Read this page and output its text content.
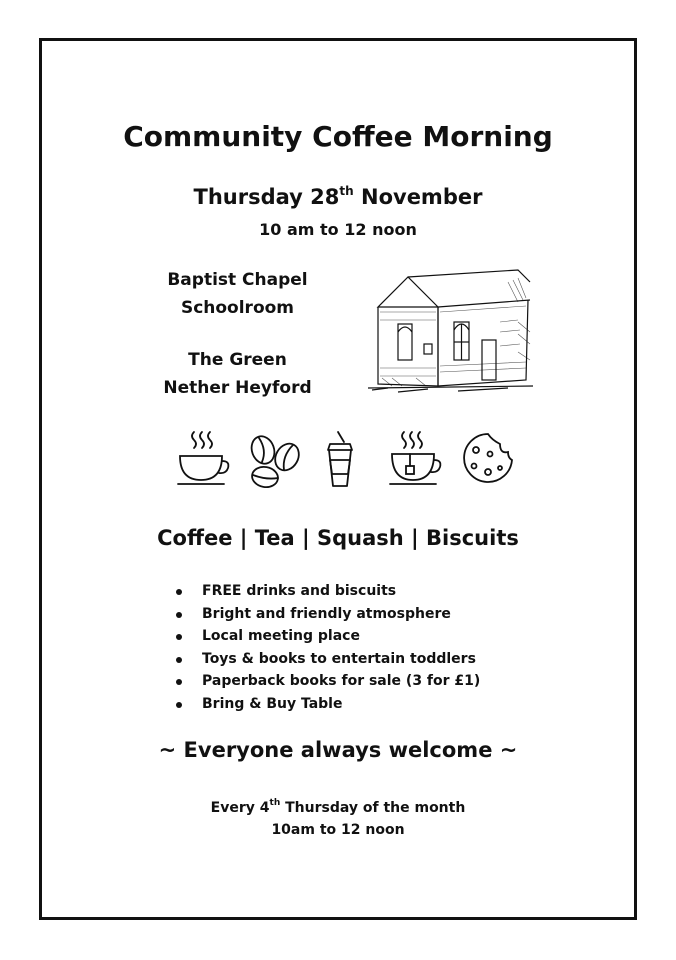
Community Coffee Morning
Thursday 28th November
10 am to 12 noon
Baptist Chapel
Schoolroom
The Green
Nether Heyford
Coffee | Tea | Squash | Biscuits
FREE drinks and biscuits
Bright and friendly atmosphere
Local meeting place
Toys & books to entertain toddlers
Paperback books for sale (3 for £1)
Bring & Buy Table
~ Everyone always welcome ~
Every 4th Thursday of the month
10am to 12 noon
